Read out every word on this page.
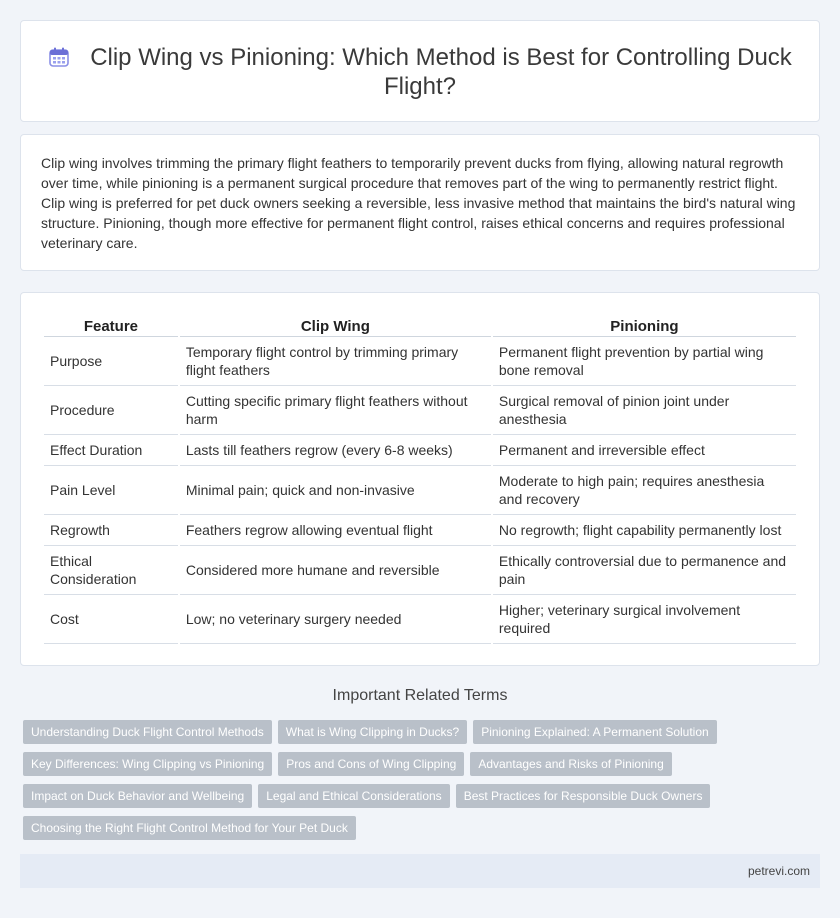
Clip Wing vs Pinioning: Which Method is Best for Controlling Duck Flight?

Clip wing involves trimming the primary flight feathers to temporarily prevent ducks from flying, allowing natural regrowth over time, while pinioning is a permanent surgical procedure that removes part of the wing to permanently restrict flight. Clip wing is preferred for pet duck owners seeking a reversible, less invasive method that maintains the bird's natural wing structure. Pinioning, though more effective for permanent flight control, raises ethical concerns and requires professional veterinary care.

Feature	Clip Wing	Pinioning
Purpose	Temporary flight control by trimming primary flight feathers	Permanent flight prevention by partial wing bone removal
Procedure	Cutting specific primary flight feathers without harm	Surgical removal of pinion joint under anesthesia
Effect Duration	Lasts till feathers regrow (every 6-8 weeks)	Permanent and irreversible effect
Pain Level	Minimal pain; quick and non-invasive	Moderate to high pain; requires anesthesia and recovery
Regrowth	Feathers regrow allowing eventual flight	No regrowth; flight capability permanently lost
Ethical Consideration	Considered more humane and reversible	Ethically controversial due to permanence and pain
Cost	Low; no veterinary surgery needed	Higher; veterinary surgical involvement required
Important Related Terms
Understanding Duck Flight Control Methods What is Wing Clipping in Ducks? Pinioning Explained: A Permanent Solution
Key Differences: Wing Clipping vs Pinioning Pros and Cons of Wing Clipping Advantages and Risks of Pinioning
Impact on Duck Behavior and Wellbeing Legal and Ethical Considerations Best Practices for Responsible Duck Owners
Choosing the Right Flight Control Method for Your Pet Duck
petrevi.com
